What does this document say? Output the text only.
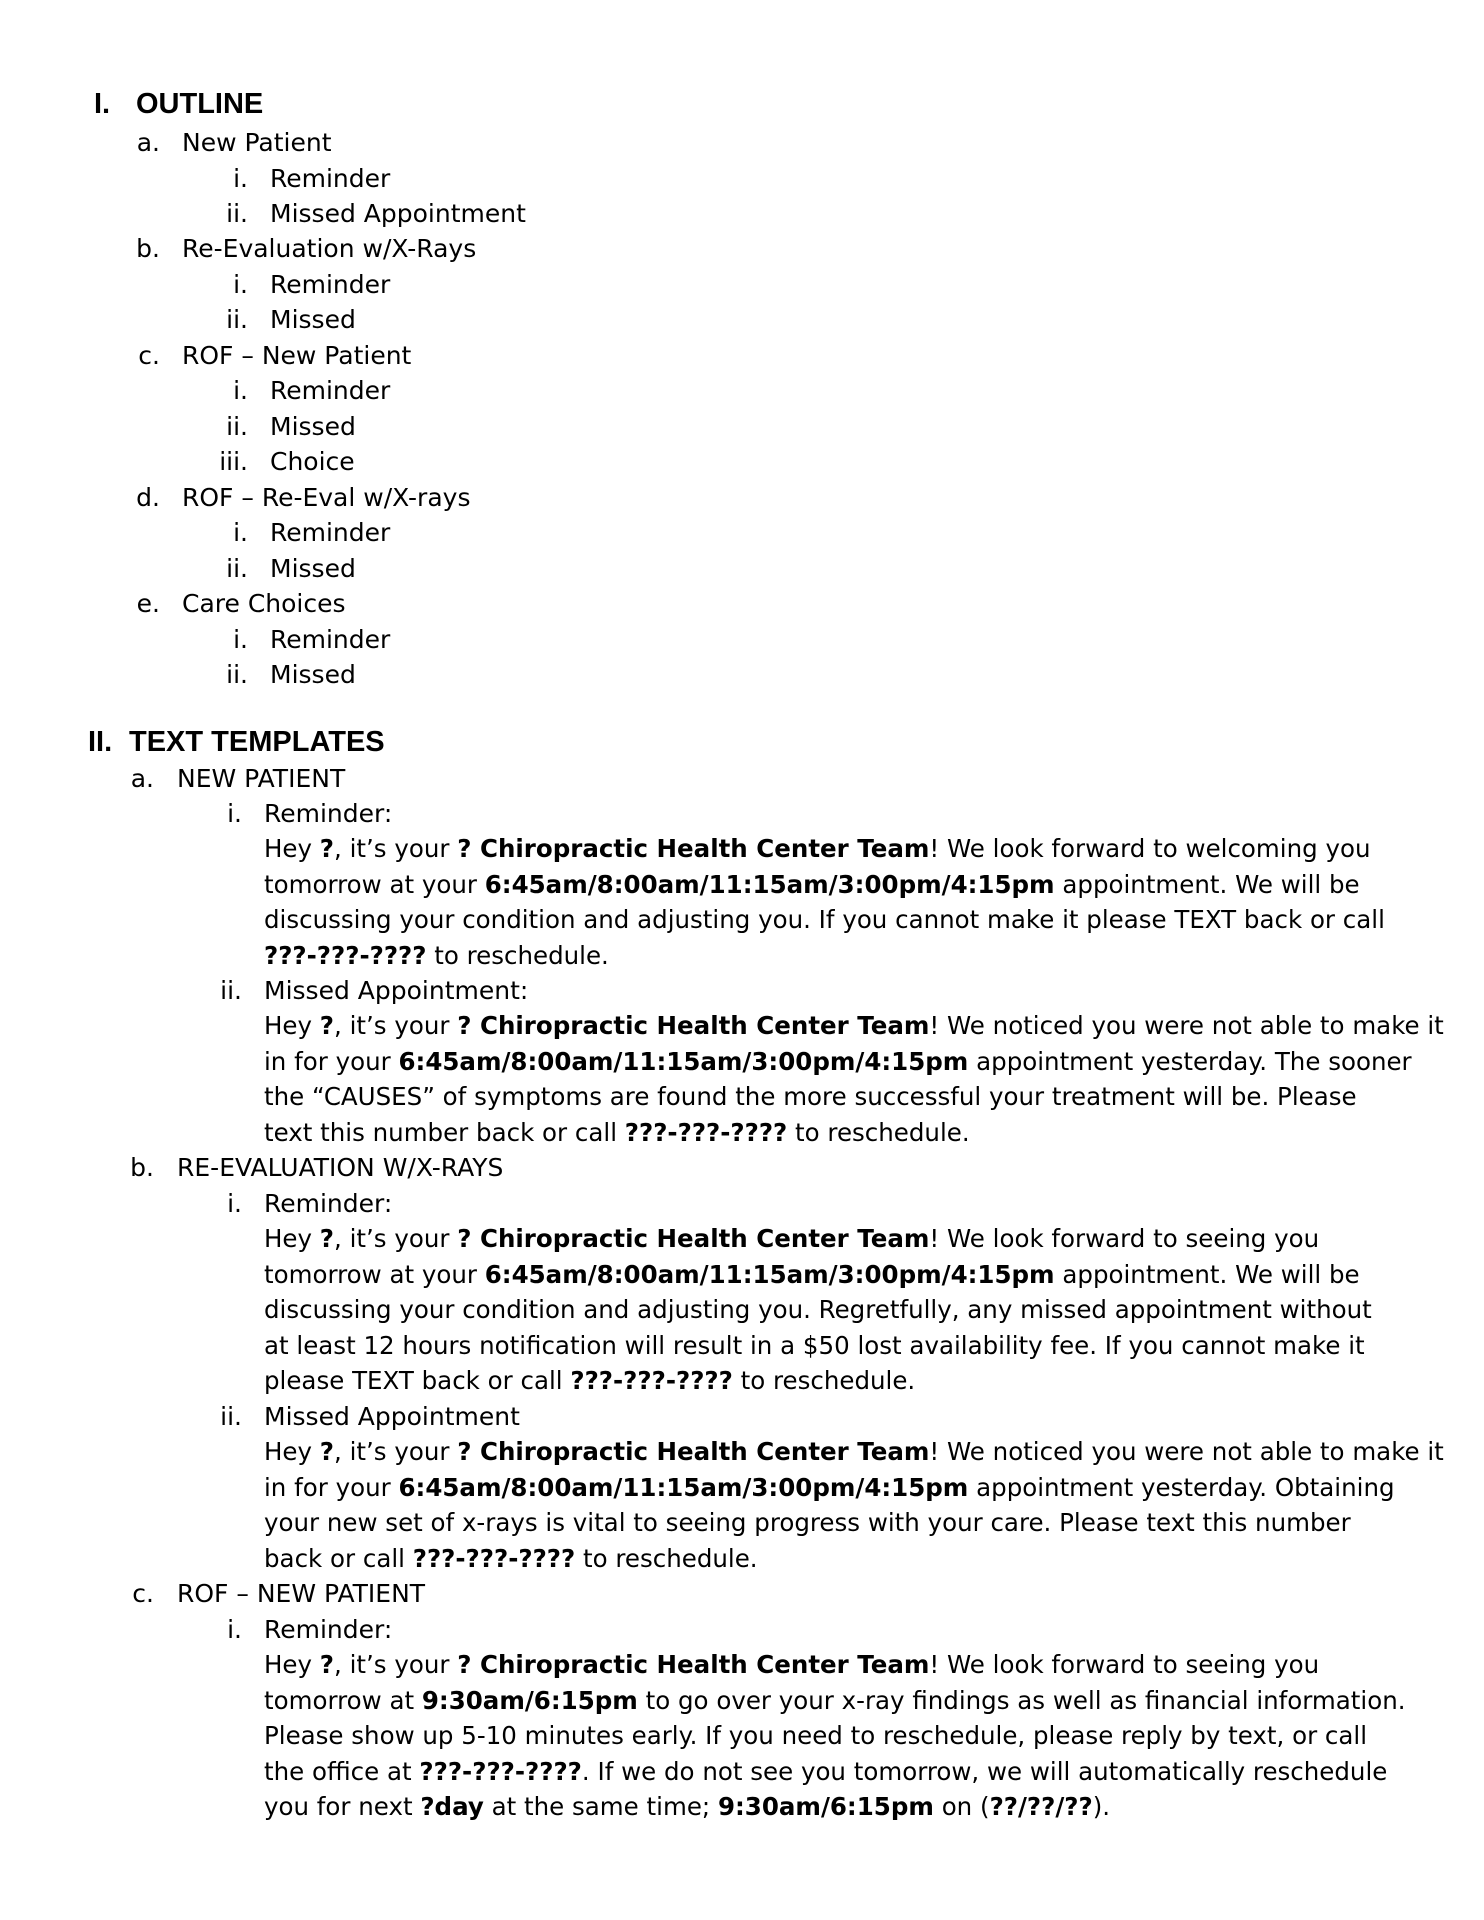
I. OUTLINE
a. New Patient
i. Reminder
ii. Missed Appointment
b. Re-Evaluation w/X-Rays
i. Reminder
ii. Missed
c. ROF – New Patient
i. Reminder
ii. Missed
iii. Choice
d. ROF – Re-Eval w/X-rays
i. Reminder
ii. Missed
e. Care Choices
i. Reminder
ii. Missed
II. TEXT TEMPLATES
a. NEW PATIENT
i. Reminder:
Hey ?, it’s your ? Chiropractic Health Center Team! We look forward to welcoming you
tomorrow at your 6:45am/8:00am/11:15am/3:00pm/4:15pm appointment. We will be
discussing your condition and adjusting you. If you cannot make it please TEXT back or call
???-???-???? to reschedule.
ii. Missed Appointment:
Hey ?, it’s your ? Chiropractic Health Center Team! We noticed you were not able to make it
in for your 6:45am/8:00am/11:15am/3:00pm/4:15pm appointment yesterday. The sooner
the “CAUSES” of symptoms are found the more successful your treatment will be. Please
text this number back or call ???-???-???? to reschedule.
b. RE-EVALUATION W/X-RAYS
i. Reminder:
Hey ?, it’s your ? Chiropractic Health Center Team! We look forward to seeing you
tomorrow at your 6:45am/8:00am/11:15am/3:00pm/4:15pm appointment. We will be
discussing your condition and adjusting you. Regretfully, any missed appointment without
at least 12 hours notification will result in a $50 lost availability fee. If you cannot make it
please TEXT back or call ???-???-???? to reschedule.
ii. Missed Appointment
Hey ?, it’s your ? Chiropractic Health Center Team! We noticed you were not able to make it
in for your 6:45am/8:00am/11:15am/3:00pm/4:15pm appointment yesterday. Obtaining
your new set of x-rays is vital to seeing progress with your care. Please text this number
back or call ???-???-???? to reschedule.
c. ROF – NEW PATIENT
i. Reminder:
Hey ?, it’s your ? Chiropractic Health Center Team! We look forward to seeing you
tomorrow at 9:30am/6:15pm to go over your x-ray findings as well as financial information.
Please show up 5-10 minutes early. If you need to reschedule, please reply by text, or call
the office at ???-???-????. If we do not see you tomorrow, we will automatically reschedule
you for next ?day at the same time; 9:30am/6:15pm on (??/??/??).
